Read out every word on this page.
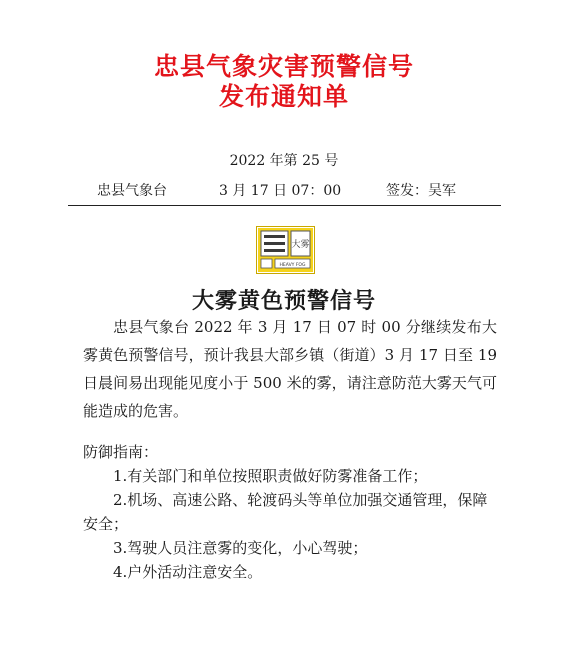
忠县气象灾害预警信号
发布通知单
2022 年第 25 号
忠县气象台	3 月 17 日 07：00	签发：吴军
大雾
HEAVY FOG
大雾黄色预警信号

忠县气象台 2022 年 3 月 17 日 07 时 00 分继续发布大雾黄色预警信号，预计我县大部乡镇（街道）3 月 17 日至 19 日晨间易出现能见度小于 500 米的雾，请注意防范大雾天气可能造成的危害。

防御指南：
1.有关部门和单位按照职责做好防雾准备工作；
2.机场、高速公路、轮渡码头等单位加强交通管理，保障安全；
3.驾驶人员注意雾的变化，小心驾驶；
4.户外活动注意安全。
